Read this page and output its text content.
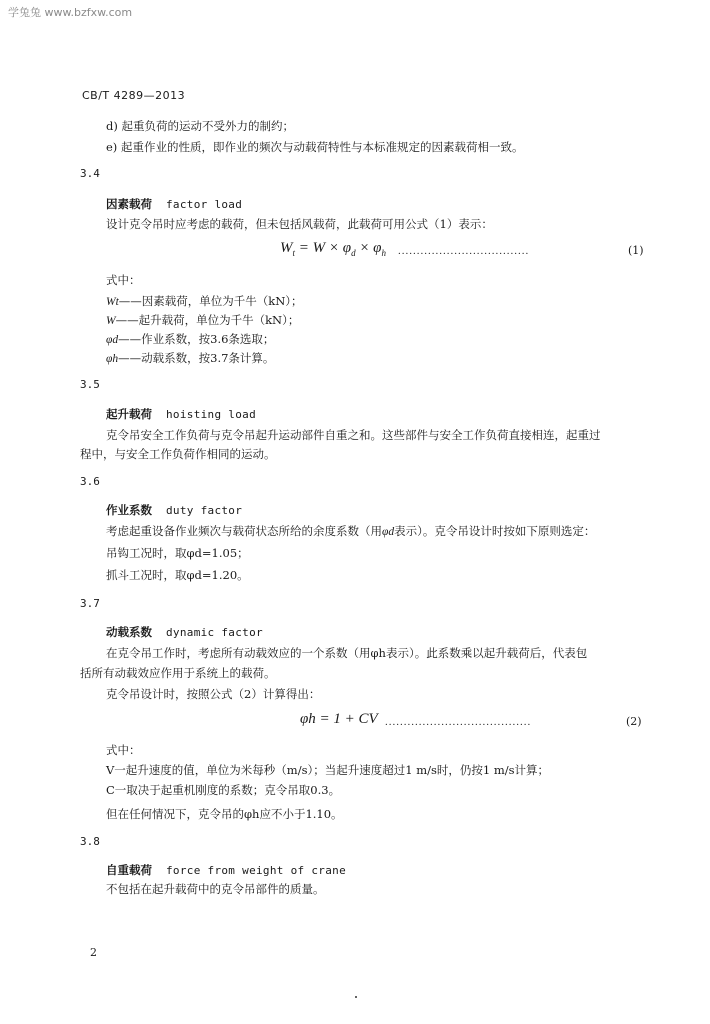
学兔兔 www.bzfxw.com
CB/T 4289—2013
d) 起重负荷的运动不受外力的制约；
e) 起重作业的性质，即作业的频次与动载荷特性与本标准规定的因素载荷相一致。
3.4
因素载荷 factor load
设计克令吊时应考虑的载荷，但未包括风载荷，此载荷可用公式（1）表示：
$W_t = W \times \varphi_d \times \varphi_h$ ...................................	(1)
式中：
Wt——因素载荷，单位为千牛（kN）；
W——起升载荷，单位为千牛（kN）；
φd——作业系数，按3.6条选取；
φh——动载系数，按3.7条计算。
3.5
起升载荷 hoisting load
克令吊安全工作负荷与克令吊起升运动部件自重之和。这些部件与安全工作负荷直接相连，起重过
程中，与安全工作负荷作相同的运动。
3.6
作业系数 duty factor
考虑起重设备作业频次与载荷状态所给的余度系数（用φd表示）。克令吊设计时按如下原则选定：
吊钩工况时，取φd=1.05；
抓斗工况时，取φd=1.20。
3.7
动载系数 dynamic factor
在克令吊工作时，考虑所有动载效应的一个系数（用φh表示）。此系数乘以起升载荷后，代表包
括所有动载效应作用于系统上的载荷。
克令吊设计时，按照公式（2）计算得出：
φh = 1 + CV .......................................	(2)
式中：
V一起升速度的值，单位为米每秒（m/s）；当起升速度超过1 m/s时，仍按1 m/s计算；
C一取决于起重机刚度的系数；克令吊取0.3。
但在任何情况下，克令吊的φh应不小于1.10。
3.8
自重载荷 force from weight of crane
不包括在起升载荷中的克令吊部件的质量。
2
